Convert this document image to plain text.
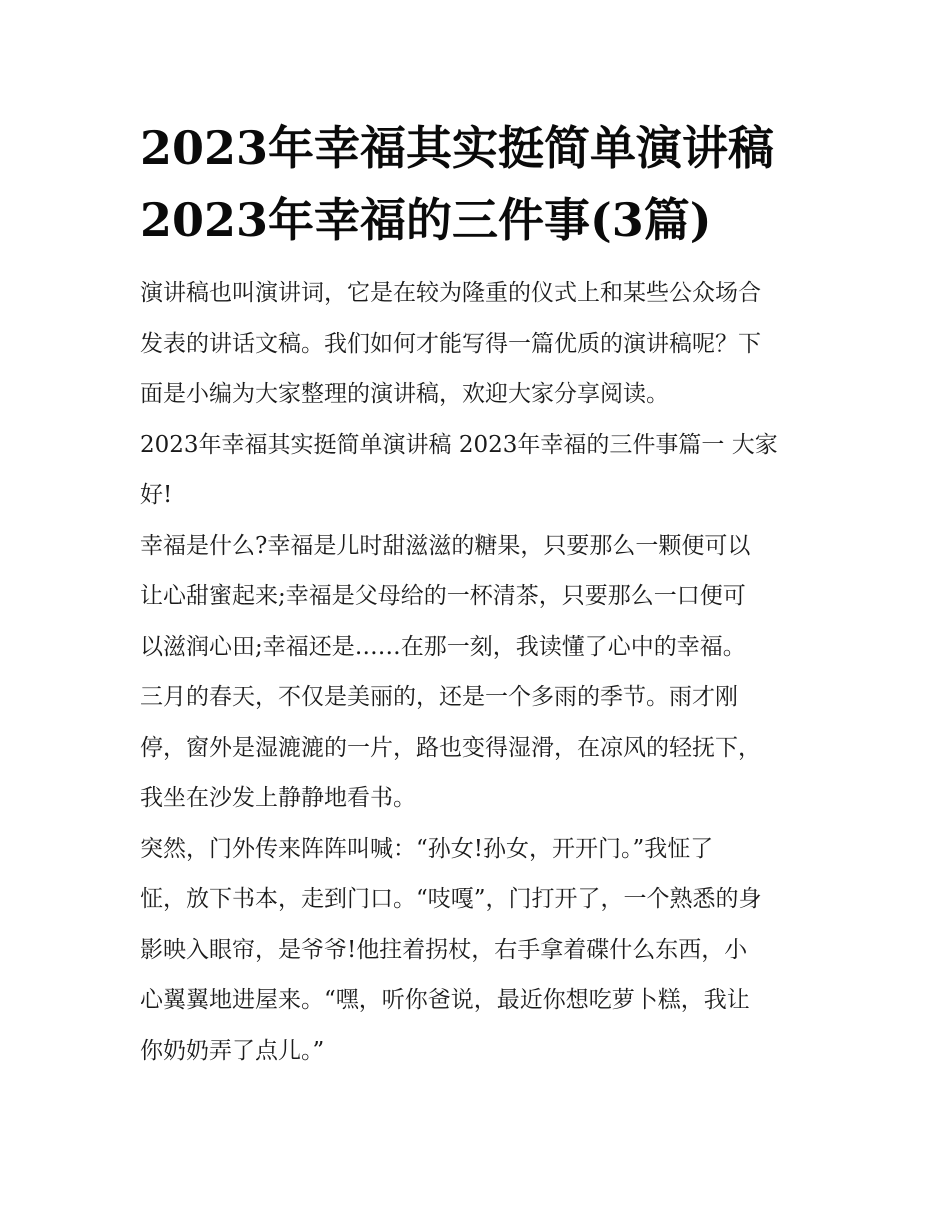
2023年幸福其实挺简单演讲稿
2023年幸福的三件事(3篇)

演讲稿也叫演讲词，它是在较为隆重的仪式上和某些公众场合
发表的讲话文稿。我们如何才能写得一篇优质的演讲稿呢？下
面是小编为大家整理的演讲稿，欢迎大家分享阅读。

2023年幸福其实挺简单演讲稿 2023年幸福的三件事篇一 大家
好!

幸福是什么?幸福是儿时甜滋滋的糖果，只要那么一颗便可以
让心甜蜜起来;幸福是父母给的一杯清茶，只要那么一口便可
以滋润心田;幸福还是……在那一刻，我读懂了心中的幸福。

三月的春天，不仅是美丽的，还是一个多雨的季节。雨才刚
停，窗外是湿漉漉的一片，路也变得湿滑，在凉风的轻抚下，
我坐在沙发上静静地看书。

突然，门外传来阵阵叫喊：“孙女!孙女，开开门。”我怔了
怔，放下书本，走到门口。“吱嘎”，门打开了，一个熟悉的身
影映入眼帘，是爷爷!他拄着拐杖，右手拿着碟什么东西，小
心翼翼地进屋来。“嘿，听你爸说，最近你想吃萝卜糕，我让
你奶奶弄了点儿。”
